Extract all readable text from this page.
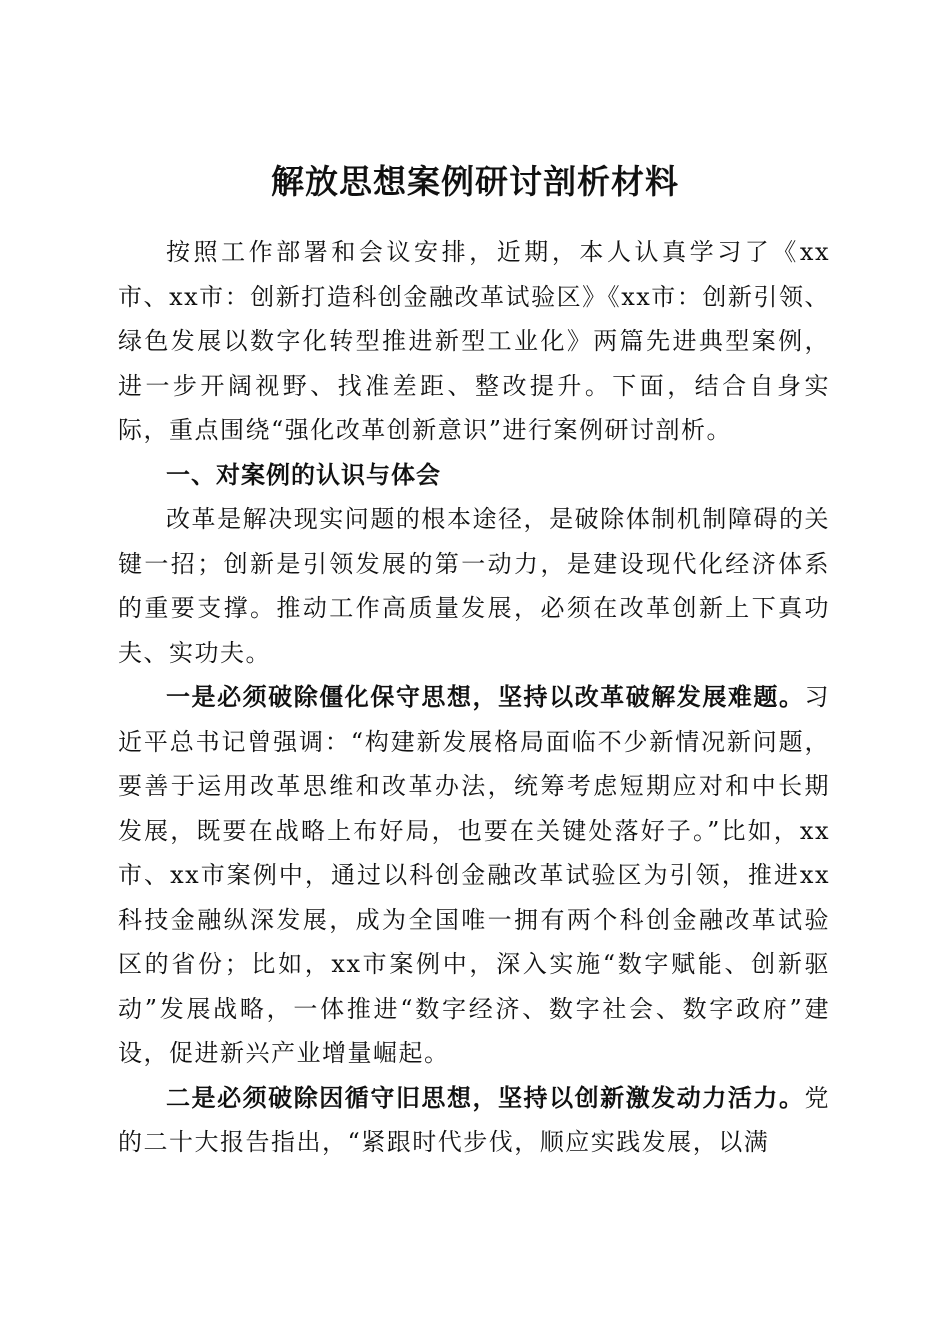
解放思想案例研讨剖析材料

按照工作部署和会议安排，近期，本人认真学习了《xx市、xx市：创新打造科创金融改革试验区》《xx市：创新引领、绿色发展以数字化转型推进新型工业化》两篇先进典型案例，进一步开阔视野、找准差距、整改提升。下面，结合自身实际，重点围绕“强化改革创新意识”进行案例研讨剖析。

一、对案例的认识与体会

改革是解决现实问题的根本途径，是破除体制机制障碍的关键一招；创新是引领发展的第一动力，是建设现代化经济体系的重要支撑。推动工作高质量发展，必须在改革创新上下真功夫、实功夫。

一是必须破除僵化保守思想，坚持以改革破解发展难题。习近平总书记曾强调：“构建新发展格局面临不少新情况新问题，要善于运用改革思维和改革办法，统筹考虑短期应对和中长期发展，既要在战略上布好局，也要在关键处落好子。”比如，xx市、xx市案例中，通过以科创金融改革试验区为引领，推进xx科技金融纵深发展，成为全国唯一拥有两个科创金融改革试验区的省份；比如，xx市案例中，深入实施“数字赋能、创新驱动”发展战略，一体推进“数字经济、数字社会、数字政府”建设，促进新兴产业增量崛起。

二是必须破除因循守旧思想，坚持以创新激发动力活力。党的二十大报告指出，“紧跟时代步伐，顺应实践发展，以满
